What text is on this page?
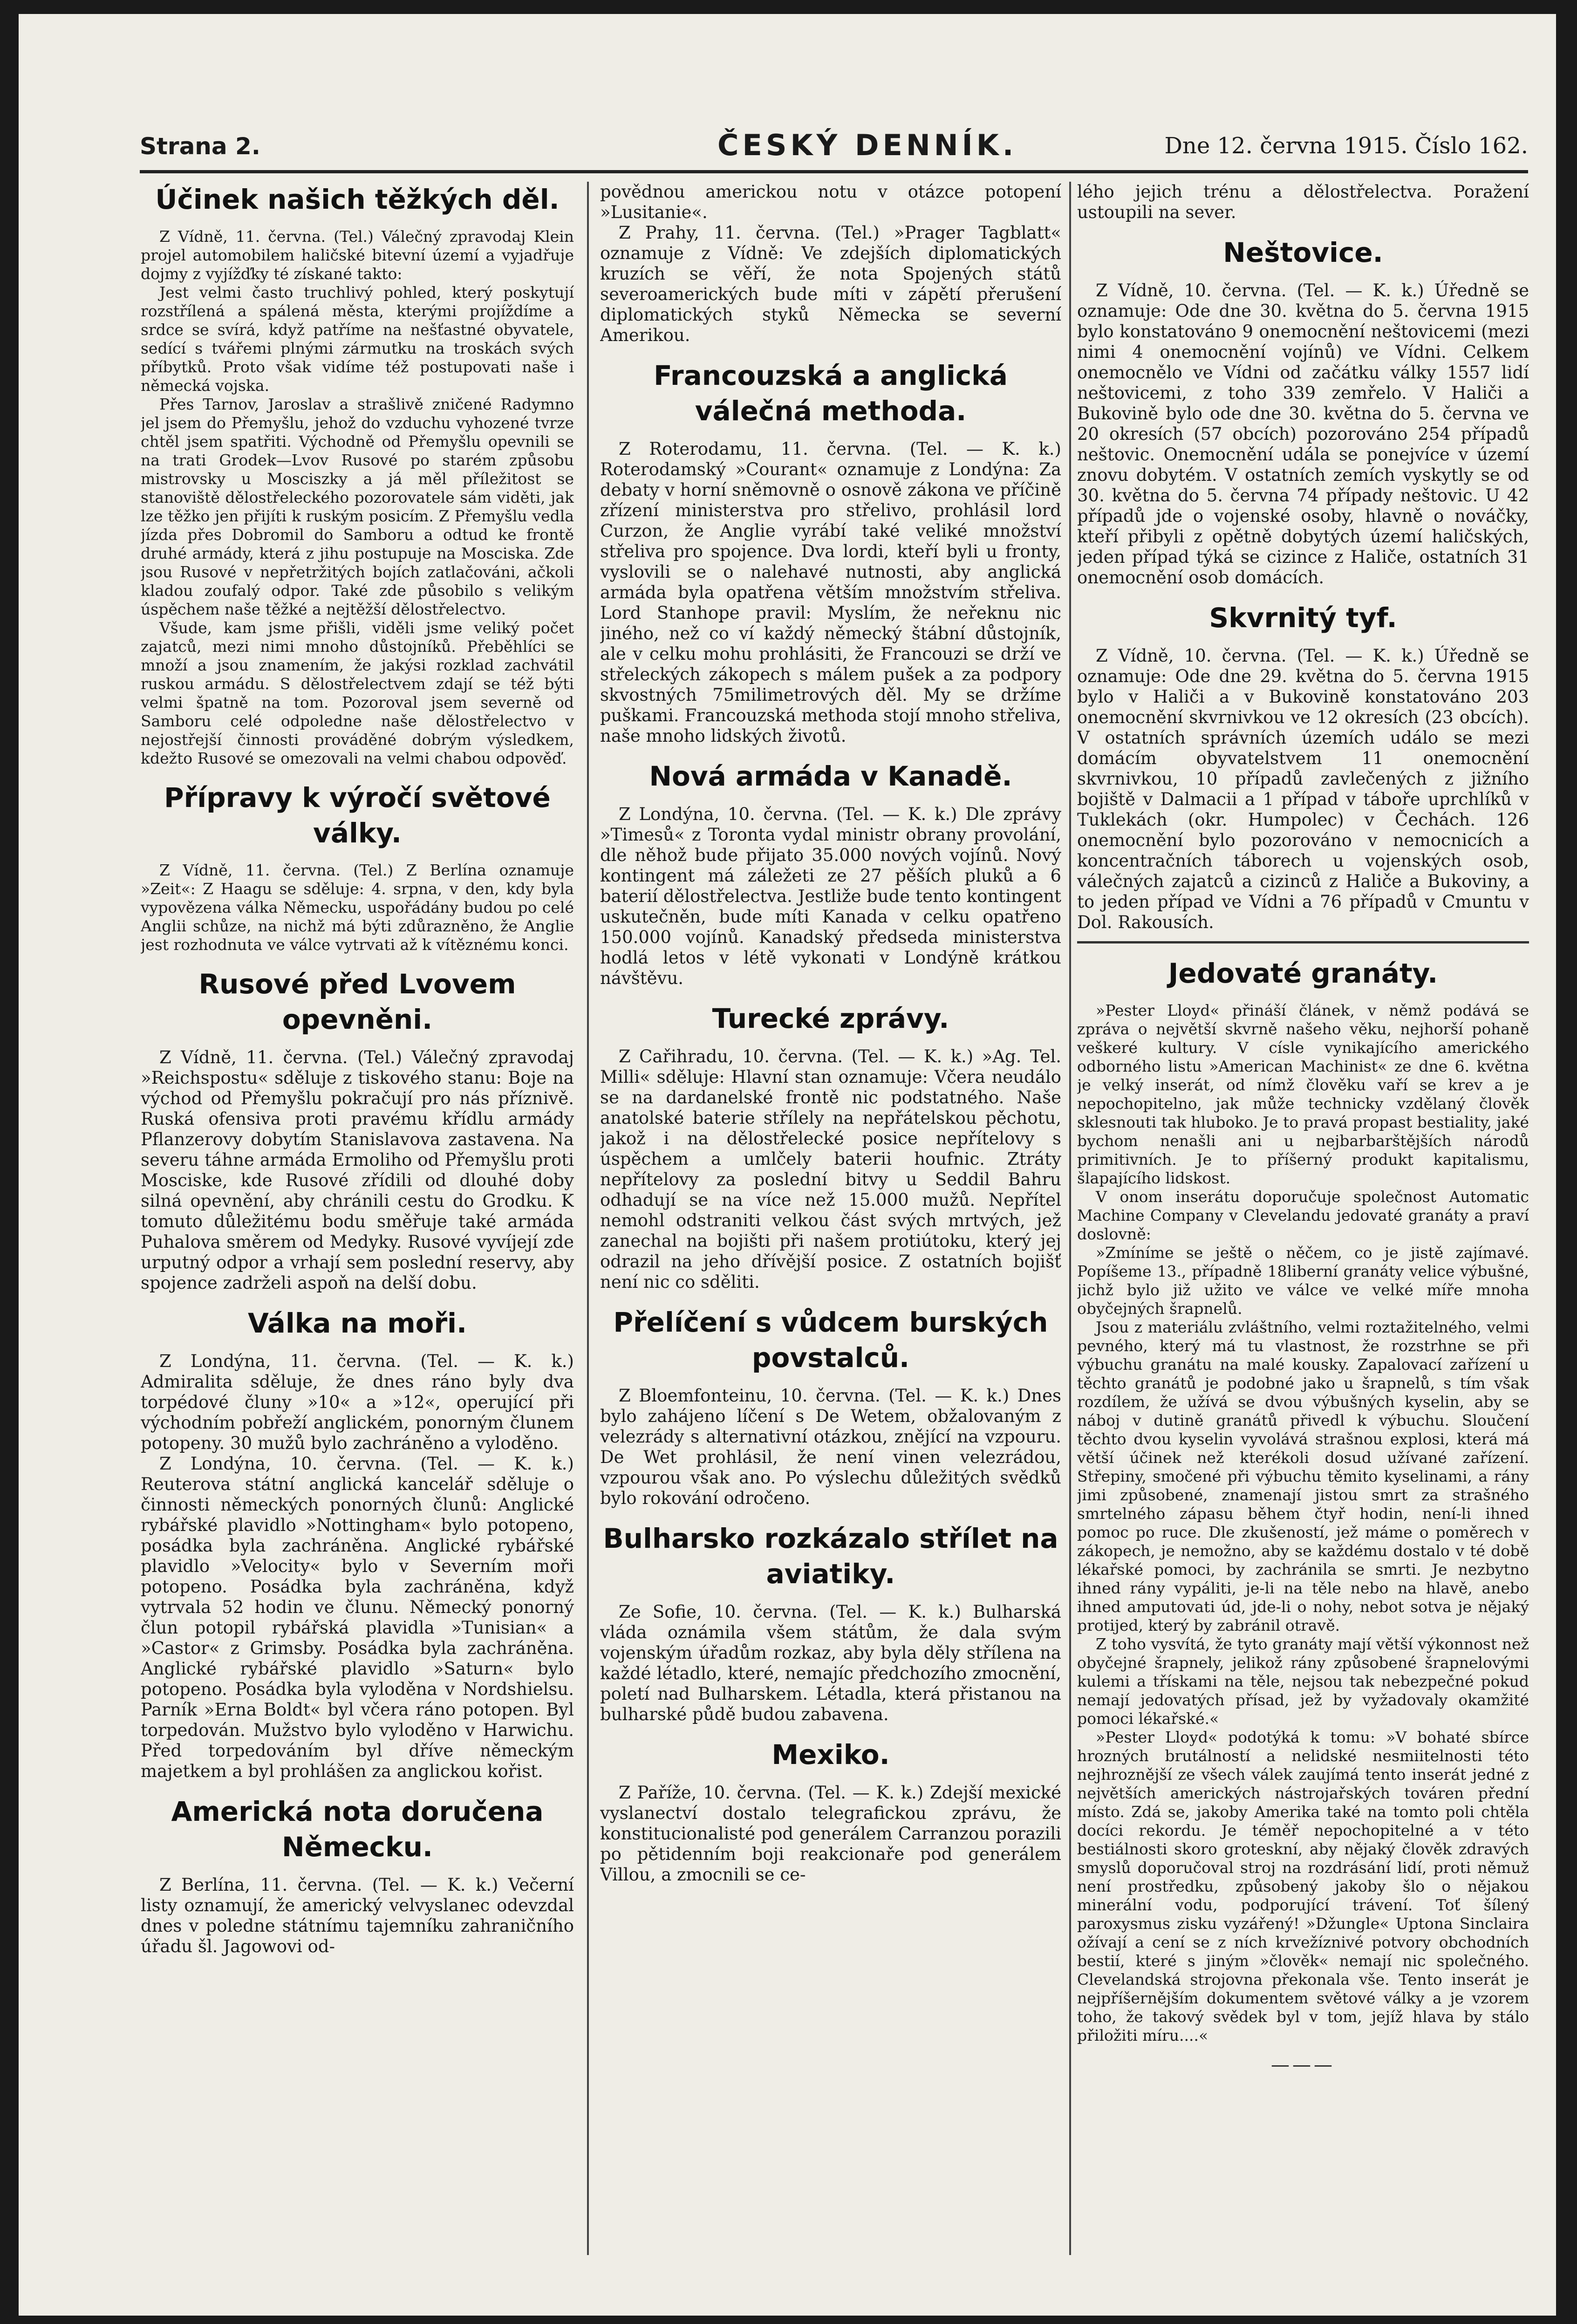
Strana 2.	ČESKÝ DENNÍK.	Dne 12. června 1915. Číslo 162.
Účinek našich těžkých děl.

Z Vídně, 11. června. (Tel.) Válečný zpravodaj Klein projel automobilem haličské bitevní území a vyjadřuje dojmy z vyjížďky té získané takto:

Jest velmi často truchlivý pohled, který poskytují rozstřílená a spálená města, kterými projíždíme a srdce se svírá, když patříme na nešťastné obyvatele, sedící s tvářemi plnými zármutku na troskách svých příbytků. Proto však vidíme též postupovati naše i německá vojska.

Přes Tarnov, Jaroslav a strašlivě zničené Radymno jel jsem do Přemyšlu, jehož do vzduchu vyhozené tvrze chtěl jsem spatřiti. Východně od Přemyšlu opevnili se na trati Grodek—Lvov Rusové po starém způsobu mistrovsky u Mosciszky a já měl příležitost se stanoviště dělostřeleckého pozorovatele sám viděti, jak lze těžko jen přijíti k ruským posicím. Z Přemyšlu vedla jízda přes Dobromil do Samboru a odtud ke frontě druhé armády, která z jihu postupuje na Mosciska. Zde jsou Rusové v nepřetržitých bojích zatlačováni, ačkoli kladou zoufalý odpor. Také zde působilo s velikým úspěchem naše těžké a nejtěžší dělostřelectvo.

Všude, kam jsme přišli, viděli jsme veliký počet zajatců, mezi nimi mnoho důstojníků. Přeběhlíci se množí a jsou znamením, že jakýsi rozklad zachvátil ruskou armádu. S dělostřelectvem zdají se též býti velmi špatně na tom. Pozoroval jsem severně od Samboru celé odpoledne naše dělostřelectvo v nejostřejší činnosti prováděné dobrým výsledkem, kdežto Rusové se omezovali na velmi chabou odpověď.

Přípravy k výročí světové války.

Z Vídně, 11. června. (Tel.) Z Berlína oznamuje »Zeit«: Z Haagu se sděluje: 4. srpna, v den, kdy byla vypovězena válka Německu, uspořádány budou po celé Anglii schůze, na nichž má býti zdůrazněno, že Anglie jest rozhodnuta ve válce vytrvati až k vítěznému konci.

Rusové před Lvovem opevněni.

Z Vídně, 11. června. (Tel.) Válečný zpravodaj »Reichspostu« sděluje z tiskového stanu: Boje na východ od Přemyšlu pokračují pro nás příznivě. Ruská ofensiva proti pravému křídlu armády Pflanzerovy dobytím Stanislavova zastavena. Na severu táhne armáda Ermoliho od Přemyšlu proti Mosciske, kde Rusové zřídili od dlouhé doby silná opevnění, aby chránili cestu do Grodku. K tomuto důležitému bodu směřuje také armáda Puhalova směrem od Medyky. Rusové vyvíjejí zde urputný odpor a vrhají sem poslední reservy, aby spojence zadrželi aspoň na delší dobu.

Válka na moři.

Z Londýna, 11. června. (Tel. — K. k.) Admiralita sděluje, že dnes ráno byly dva torpédové čluny »10« a »12«, operující při východním pobřeží anglickém, ponorným člunem potopeny. 30 mužů bylo zachráněno a vyloděno.

Z Londýna, 10. června. (Tel. — K. k.) Reuterova státní anglická kancelář sděluje o činnosti německých ponorných člunů: Anglické rybářské plavidlo »Nottingham« bylo potopeno, posádka byla zachráněna. Anglické rybářské plavidlo »Velocity« bylo v Severním moři potopeno. Posádka byla zachráněna, když vytrvala 52 hodin ve člunu. Německý ponorný člun potopil rybářská plavidla »Tunisian« a »Castor« z Grimsby. Posádka byla zachráněna. Anglické rybářské plavidlo »Saturn« bylo potopeno. Posádka byla vyloděna v Nordshielsu. Parník »Erna Boldt« byl včera ráno potopen. Byl torpedován. Mužstvo bylo vyloděno v Harwichu. Před torpedováním byl dříve německým majetkem a byl prohlášen za anglickou kořist.

Americká nota doručena Německu.

Z Berlína, 11. června. (Tel. — K. k.) Večerní listy oznamují, že americký velvyslanec odevzdal dnes v poledne státnímu tajemníku zahraničního úřadu šl. Jagowovi od-

povědnou americkou notu v otázce potopení »Lusitanie«.

Z Prahy, 11. června. (Tel.) »Prager Tagblatt« oznamuje z Vídně: Ve zdejších diplomatických kruzích se věří, že nota Spojených států severoamerických bude míti v zápětí přerušení diplomatických styků Německa se severní Amerikou.

Francouzská a anglická válečná methoda.

Z Roterodamu, 11. června. (Tel. — K. k.) Roterodamský »Courant« oznamuje z Londýna: Za debaty v horní sněmovně o osnově zákona ve příčině zřízení ministerstva pro střelivo, prohlásil lord Curzon, že Anglie vyrábí také veliké množství střeliva pro spojence. Dva lordi, kteří byli u fronty, vyslovili se o nalehavé nutnosti, aby anglická armáda byla opatřena větším množstvím střeliva. Lord Stanhope pravil: Myslím, že neřeknu nic jiného, než co ví každý německý štábní důstojník, ale v celku mohu prohlásiti, že Francouzi se drží ve střeleckých zákopech s málem pušek a za podpory skvostných 75milimetrových děl. My se držíme puškami. Francouzská methoda stojí mnoho střeliva, naše mnoho lidských životů.

Nová armáda v Kanadě.

Z Londýna, 10. června. (Tel. — K. k.) Dle zprávy »Timesů« z Toronta vydal ministr obrany provolání, dle něhož bude přijato 35.000 nových vojínů. Nový kontingent má záležeti ze 27 pěších pluků a 6 baterií dělostřelectva. Jestliže bude tento kontingent uskutečněn, bude míti Kanada v celku opatřeno 150.000 vojínů. Kanadský předseda ministerstva hodlá letos v létě vykonati v Londýně krátkou návštěvu.

Turecké zprávy.

Z Cařihradu, 10. června. (Tel. — K. k.) »Ag. Tel. Milli« sděluje: Hlavní stan oznamuje: Včera neudálo se na dardanelské frontě nic podstatného. Naše anatolské baterie střílely na nepřátelskou pěchotu, jakož i na dělostřelecké posice nepřítelovy s úspěchem a umlčely baterii houfnic. Ztráty nepřítelovy za poslední bitvy u Seddil Bahru odhadují se na více než 15.000 mužů. Nepřítel nemohl odstraniti velkou část svých mrtvých, jež zanechal na bojišti při našem protiútoku, který jej odrazil na jeho dřívější posice. Z ostatních bojišť není nic co sděliti.

Přelíčení s vůdcem burských povstalců.

Z Bloemfonteinu, 10. června. (Tel. — K. k.) Dnes bylo zahájeno líčení s De Wetem, obžalovaným z velezrády s alternativní otázkou, znějící na vzpouru. De Wet prohlásil, že není vinen velezrádou, vzpourou však ano. Po výslechu důležitých svědků bylo rokování odročeno.

Bulharsko rozkázalo střílet na aviatiky.

Ze Sofie, 10. června. (Tel. — K. k.) Bulharská vláda oznámila všem státům, že dala svým vojenským úřadům rozkaz, aby byla děly střílena na každé létadlo, které, nemajíc předchozího zmocnění, poletí nad Bulharskem. Létadla, která přistanou na bulharské půdě budou zabavena.

Mexiko.

Z Paříže, 10. června. (Tel. — K. k.) Zdejší mexické vyslanectví dostalo telegrafickou zprávu, že konstitucionalisté pod generálem Carranzou porazili po pětidenním boji reakcionaře pod generálem Villou, a zmocnili se ce-

lého jejich trénu a dělostřelectva. Poražení ustoupili na sever.

Neštovice.

Z Vídně, 10. června. (Tel. — K. k.) Úředně se oznamuje: Ode dne 30. května do 5. června 1915 bylo konstatováno 9 onemocnění neštovicemi (mezi nimi 4 onemocnění vojínů) ve Vídni. Celkem onemocnělo ve Vídni od začátku války 1557 lidí neštovicemi, z toho 339 zemřelo. V Haliči a Bukovině bylo ode dne 30. května do 5. června ve 20 okresích (57 obcích) pozorováno 254 případů neštovic. Onemocnění udála se ponejvíce v území znovu dobytém. V ostatních zemích vyskytly se od 30. května do 5. června 74 případy neštovic. U 42 případů jde o vojenské osoby, hlavně o nováčky, kteří přibyli z opětně dobytých území haličských, jeden případ týká se cizince z Haliče, ostatních 31 onemocnění osob domácích.

Skvrnitý tyf.

Z Vídně, 10. června. (Tel. — K. k.) Úředně se oznamuje: Ode dne 29. května do 5. června 1915 bylo v Haliči a v Bukovině konstatováno 203 onemocnění skvrnivkou ve 12 okresích (23 obcích). V ostatních správních územích událo se mezi domácím obyvatelstvem 11 onemocnění skvrnivkou, 10 případů zavlečených z jižního bojiště v Dalmacii a 1 případ v táboře uprchlíků v Tuklekách (okr. Humpolec) v Čechách. 126 onemocnění bylo pozorováno v nemocnicích a koncentračních táborech u vojenských osob, válečných zajatců a cizinců z Haliče a Bukoviny, a to jeden případ ve Vídni a 76 případů v Cmuntu v Dol. Rakousích.

Jedovaté granáty.

»Pester Lloyd« přináší článek, v němž podává se zpráva o největší skvrně našeho věku, nejhorší pohaně veškeré kultury. V císle vynikajícího amerického odborného listu »American Machinist« ze dne 6. května je velký inserát, od nímž člověku vaří se krev a je nepochopitelno, jak může technicky vzdělaný člověk sklesnouti tak hluboko. Je to pravá propast bestiality, jaké bychom nenašli ani u nejbarbarštějších národů primitivních. Je to příšerný produkt kapitalismu, šlapajícího lidskost.

V onom inserátu doporučuje společnost Automatic Machine Company v Clevelandu jedovaté granáty a praví doslovně:

»Zmíníme se ještě o něčem, co je jistě zajímavé. Popíšeme 13., případně 18liberní granáty velice výbušné, jichž bylo již užito ve válce ve velké míře mnoha obyčejných šrapnelů.

Jsou z materiálu zvláštního, velmi roztažitelného, velmi pevného, který má tu vlastnost, že rozstrhne se při výbuchu granátu na malé kousky. Zapalovací zařízení u těchto granátů je podobné jako u šrapnelů, s tím však rozdílem, že užívá se dvou výbušných kyselin, aby se náboj v dutině granátů přivedl k výbuchu. Sloučení těchto dvou kyselin vyvolává strašnou explosi, která má větší účinek než kterékoli dosud užívané zařízení. Střepiny, smočené při výbuchu těmito kyselinami, a rány jimi způsobené, znamenají jistou smrt za strašného smrtelného zápasu během čtyř hodin, není-li ihned pomoc po ruce. Dle zkušeností, jež máme o poměrech v zákopech, je nemožno, aby se každému dostalo v té době lékařské pomoci, by zachránila se smrti. Je nezbytno ihned rány vypáliti, je-li na těle nebo na hlavě, anebo ihned amputovati úd, jde-li o nohy, nebot sotva je nějaký protijed, který by zabránil otravě.

Z toho vysvítá, že tyto granáty mají větší výkonnost než obyčejné šrapnely, jelikož rány způsobené šrapnelovými kulemi a třískami na těle, nejsou tak nebezpečné pokud nemají jedovatých přísad, jež by vyžadovaly okamžité pomoci lékařské.«

»Pester Lloyd« podotýká k tomu: »V bohaté sbírce hrozných brutálností a nelidské nesmiitelnosti této nejhroznější ze všech válek zaujímá tento inserát jedné z největších amerických nástrojařských továren přední místo. Zdá se, jakoby Amerika také na tomto poli chtěla docíci rekordu. Je téměř nepochopitelné a v této bestiálnosti skoro groteskní, aby nějaký člověk zdravých smyslů doporučoval stroj na rozdrásání lidí, proti němuž není prostředku, způsobený jakoby šlo o nějakou minerální vodu, podporující trávení. Toť šílený paroxysmus zisku vyzářený! »Džungle« Uptona Sinclaira ožívají a cení se z ních krvežíznivé potvory obchodních bestií, které s jiným »člověk« nemají nic společného. Clevelandská strojovna překonala vše. Tento inserát je nejpříšernějším dokumentem světové války a je vzorem toho, že takový svědek byl v tom, jejíž hlava by stálo přiložiti míru....«

———
